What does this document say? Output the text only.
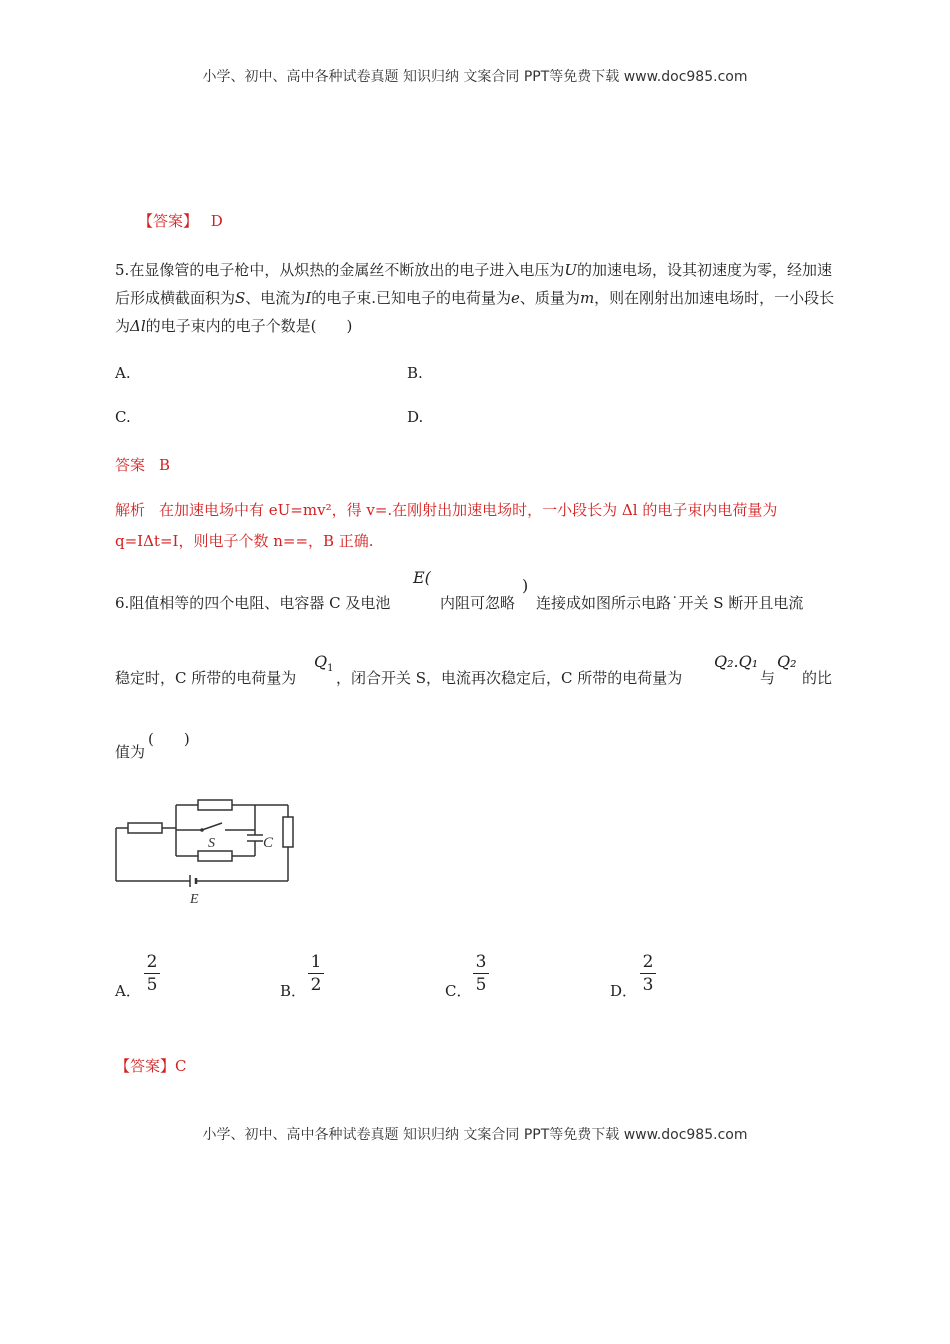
小学、初中、高中各种试卷真题 知识归纳 文案合同 PPT等免费下载 www.doc985.com
【答案】 D
5.在显像管的电子枪中，从炽热的金属丝不断放出的电子进入电压为U的加速电场，设其初速度为零，经加速后形成横截面积为S、电流为I的电子束.已知电子的电荷量为e、质量为m，则在刚射出加速电场时，一小段长为Δl的电子束内的电子个数是(　　)
A.	B.
C.	D.
答案 B
解析 在加速电场中有 eU=mv²，得 v=.在刚射出加速电场时，一小段长为 Δl 的电子束内电荷量为
q=IΔt=I，则电子个数 n==，B 正确.
6.阻值相等的四个电阻、电容器 C 及电池
E(
内阻可忽略
)
连接成如图所示电路˙开关 S 断开且电流
稳定时，C 所带的电荷量为
$Q_1$
，闭合开关 S，电流再次稳定后，C 所带的电荷量为
Q₂.Q₁
与
Q₂
的比
值为
(　　)
S	C
E
A．
2
5	B．
1
2	C．
3
5	D．
2
3
【答案】C
小学、初中、高中各种试卷真题 知识归纳 文案合同 PPT等免费下载 www.doc985.com
